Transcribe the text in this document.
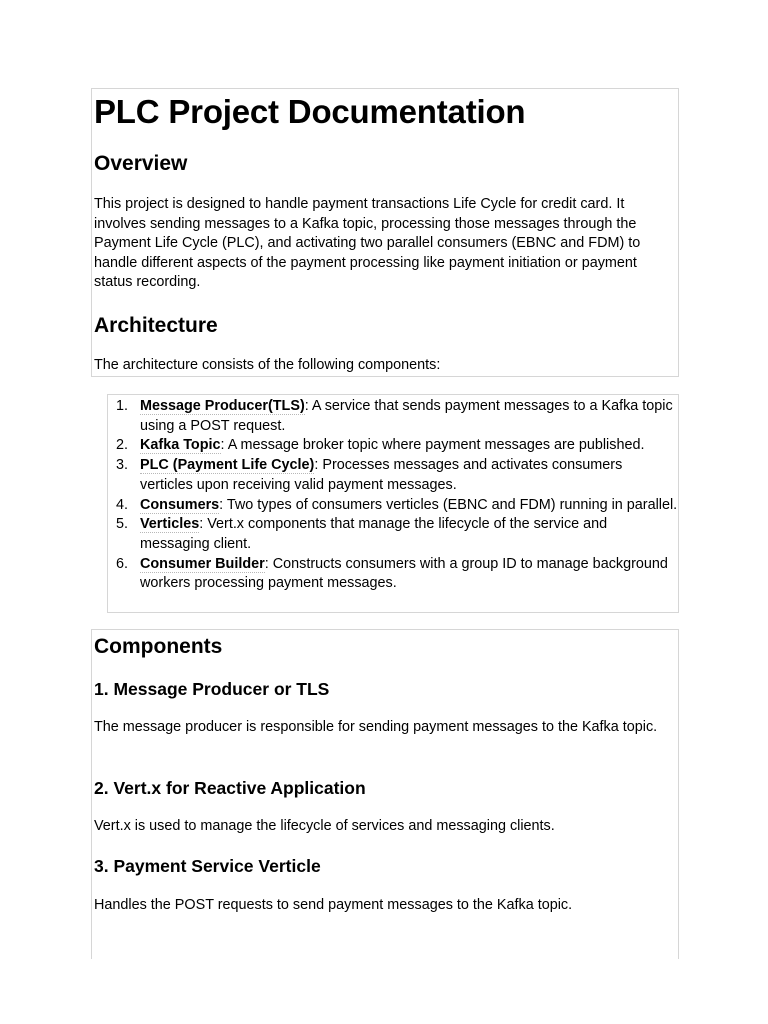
PLC Project Documentation
Overview

This project is designed to handle payment transactions Life Cycle for credit card. It involves sending messages to a Kafka topic, processing those messages through the Payment Life Cycle (PLC), and activating two parallel consumers (EBNC and FDM) to handle different aspects of the payment processing like payment initiation or payment status recording.

Architecture

The architecture consists of the following components:

1. Message Producer(TLS): A service that sends payment messages to a Kafka topic using a POST request.
2. Kafka Topic: A message broker topic where payment messages are published.
3. PLC (Payment Life Cycle): Processes messages and activates consumers verticles upon receiving valid payment messages.
4. Consumers: Two types of consumers verticles (EBNC and FDM) running in parallel.
5. Verticles: Vert.x components that manage the lifecycle of the service and messaging client.
6. Consumer Builder: Constructs consumers with a group ID to manage background workers processing payment messages.
Components
1. Message Producer or TLS

The message producer is responsible for sending payment messages to the Kafka topic.

2. Vert.x for Reactive Application

Vert.x is used to manage the lifecycle of services and messaging clients.

3. Payment Service Verticle

Handles the POST requests to send payment messages to the Kafka topic.
